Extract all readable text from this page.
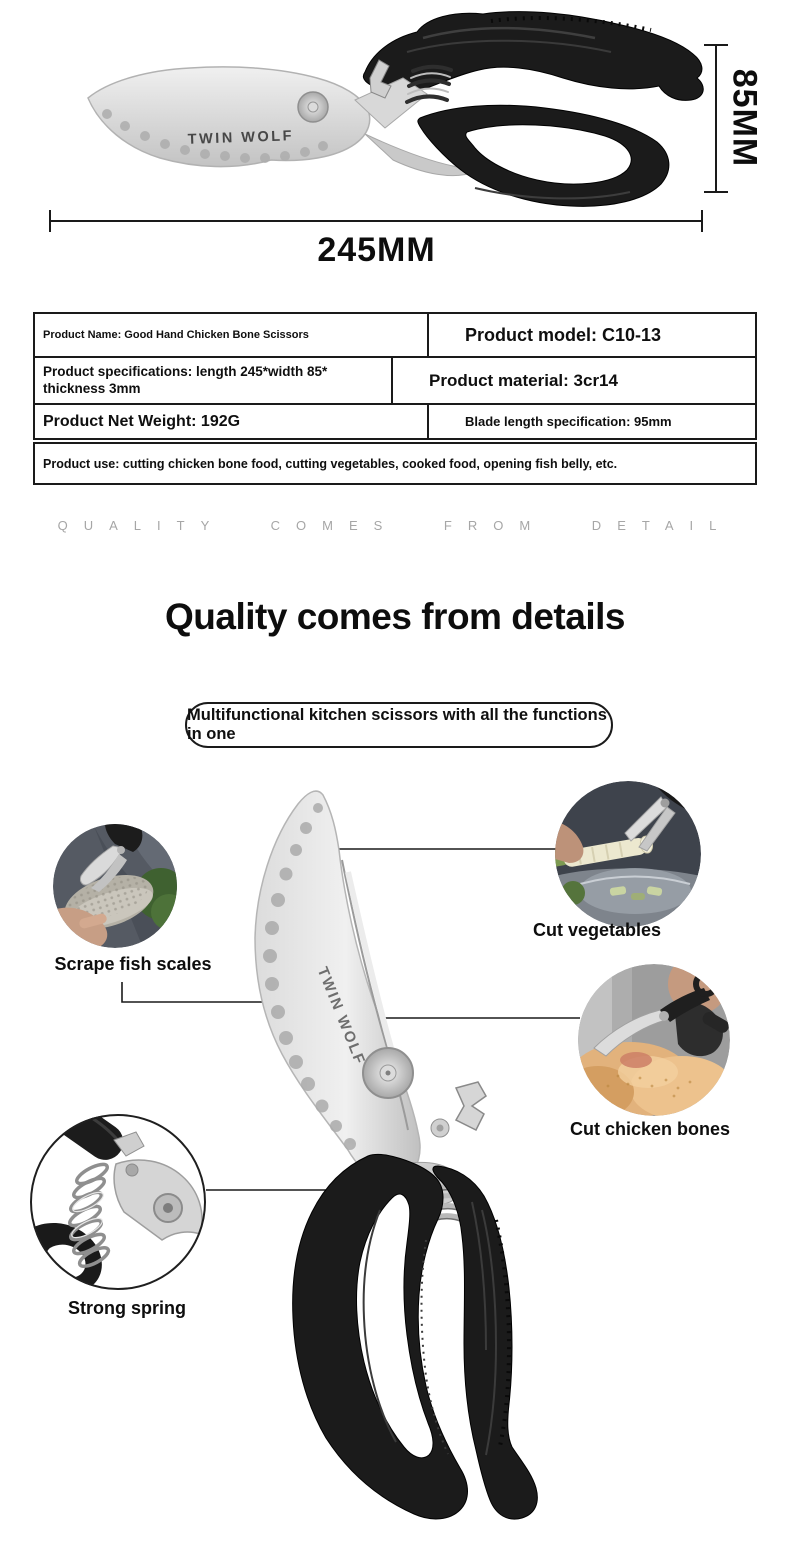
TWIN WOLF	85MM
245MM
Product Name: Good Hand Chicken Bone Scissors	Product model: C10-13
Product specifications: length 245*width 85* thickness 3mm	Product material: 3cr14
Product Net Weight: 192G	Blade length specification: 95mm
Product use: cutting chicken bone food, cutting vegetables, cooked food, opening fish belly, etc.
QUALITY COMES FROM DETAIL
Quality comes from details
Multifunctional kitchen scissors with all the functions in one
TWIN WOLF
Scrape fish scales
Cut vegetables
Cut chicken bones
Strong spring
